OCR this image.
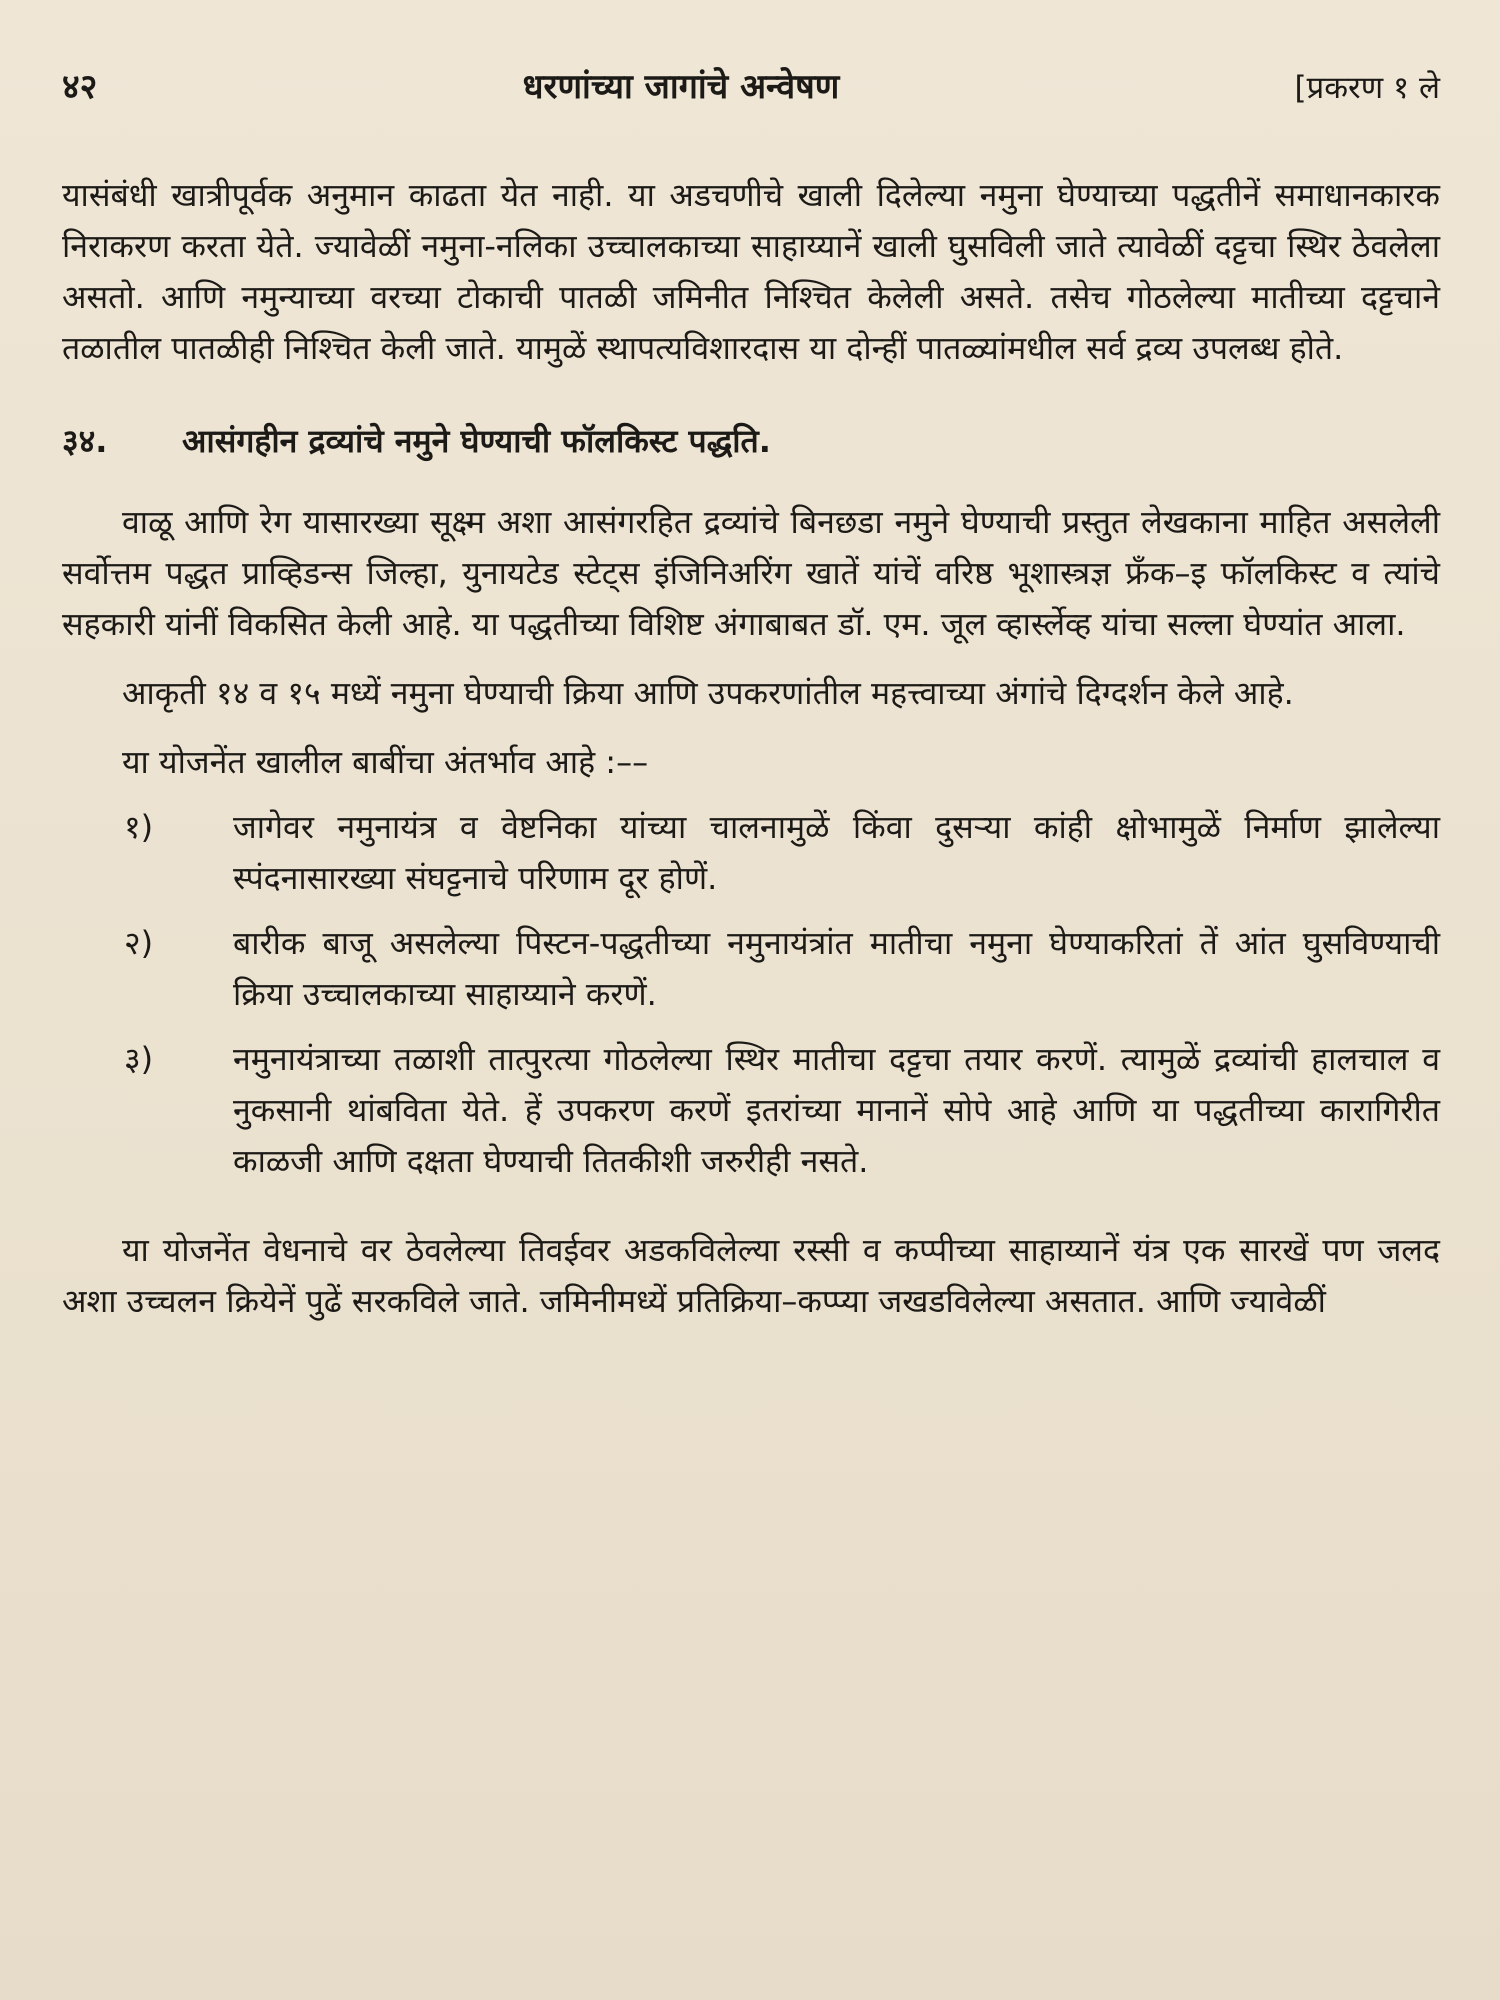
४२	धरणांच्या जागांचे अन्वेषण	[प्रकरण १ ले

यासंबंधी खात्रीपूर्वक अनुमान काढता येत नाही. या अडचणीचे खाली दिलेल्या नमुना घेण्याच्या पद्धतीनें समाधानकारक निराकरण करता येते. ज्यावेळीं नमुना-नलिका उच्चालकाच्या साहाय्यानें खाली घुसविली जाते त्यावेळीं दट्टचा स्थिर ठेवलेला असतो. आणि नमुन्याच्या वरच्या टोकाची पातळी जमिनीत निश्चित केलेली असते. तसेच गोठलेल्या मातीच्या दट्टचाने तळातील पातळीही निश्चित केली जाते. यामुळें स्थापत्यविशारदास या दोन्हीं पातळ्यांमधील सर्व द्रव्य उपलब्ध होते.

३४.	आसंगहीन द्रव्यांचे नमुने घेण्याची फॉलकिस्ट पद्धति.

वाळू आणि रेग यासारख्या सूक्ष्म अशा आसंगरहित द्रव्यांचे बिनछडा नमुने घेण्याची प्रस्तुत लेखकाना माहित असलेली सर्वोत्तम पद्धत प्राव्हिडन्स जिल्हा, युनायटेड स्टेट्स इंजिनिअरिंग खातें यांचें वरिष्ठ भूशास्त्रज्ञ फ्रँक–इ फॉलकिस्ट व त्यांचे सहकारी यांनीं विकसित केली आहे. या पद्धतीच्या विशिष्ट अंगाबाबत डॉ. एम. जूल व्हार्स्लेव्ह यांचा सल्ला घेण्यांत आला.

आकृती १४ व १५ मध्यें नमुना घेण्याची क्रिया आणि उपकरणांतील महत्त्वाच्या अंगांचे दिग्दर्शन केले आहे.

या योजनेंत खालील बाबींचा अंतर्भाव आहे :––

१)	जागेवर नमुनायंत्र व वेष्टनिका यांच्या चालनामुळें किंवा दुसऱ्या कांही क्षोभामुळें निर्माण झालेल्या स्पंदनासारख्या संघट्टनाचे परिणाम दूर होणें.
२)	बारीक बाजू असलेल्या पिस्टन-पद्धतीच्या नमुनायंत्रांत मातीचा नमुना घेण्याकरितां तें आंत घुसविण्याची क्रिया उच्चालकाच्या साहाय्याने करणें.
३)	नमुनायंत्राच्या तळाशी तात्पुरत्या गोठलेल्या स्थिर मातीचा दट्टचा तयार करणें. त्यामुळें द्रव्यांची हालचाल व नुकसानी थांबविता येते. हें उपकरण करणें इतरांच्या मानानें सोपे आहे आणि या पद्धतीच्या कारागिरीत काळजी आणि दक्षता घेण्याची तितकीशी जरुरीही नसते.

या योजनेंत वेधनाचे वर ठेवलेल्या तिवईवर अडकविलेल्या रस्सी व कप्पीच्या साहाय्यानें यंत्र एक सारखें पण जलद अशा उच्चलन क्रियेनें पुढें सरकविले जाते. जमिनीमध्यें प्रतिक्रिया–कप्प्या जखडविलेल्या असतात. आणि ज्यावेळीं
